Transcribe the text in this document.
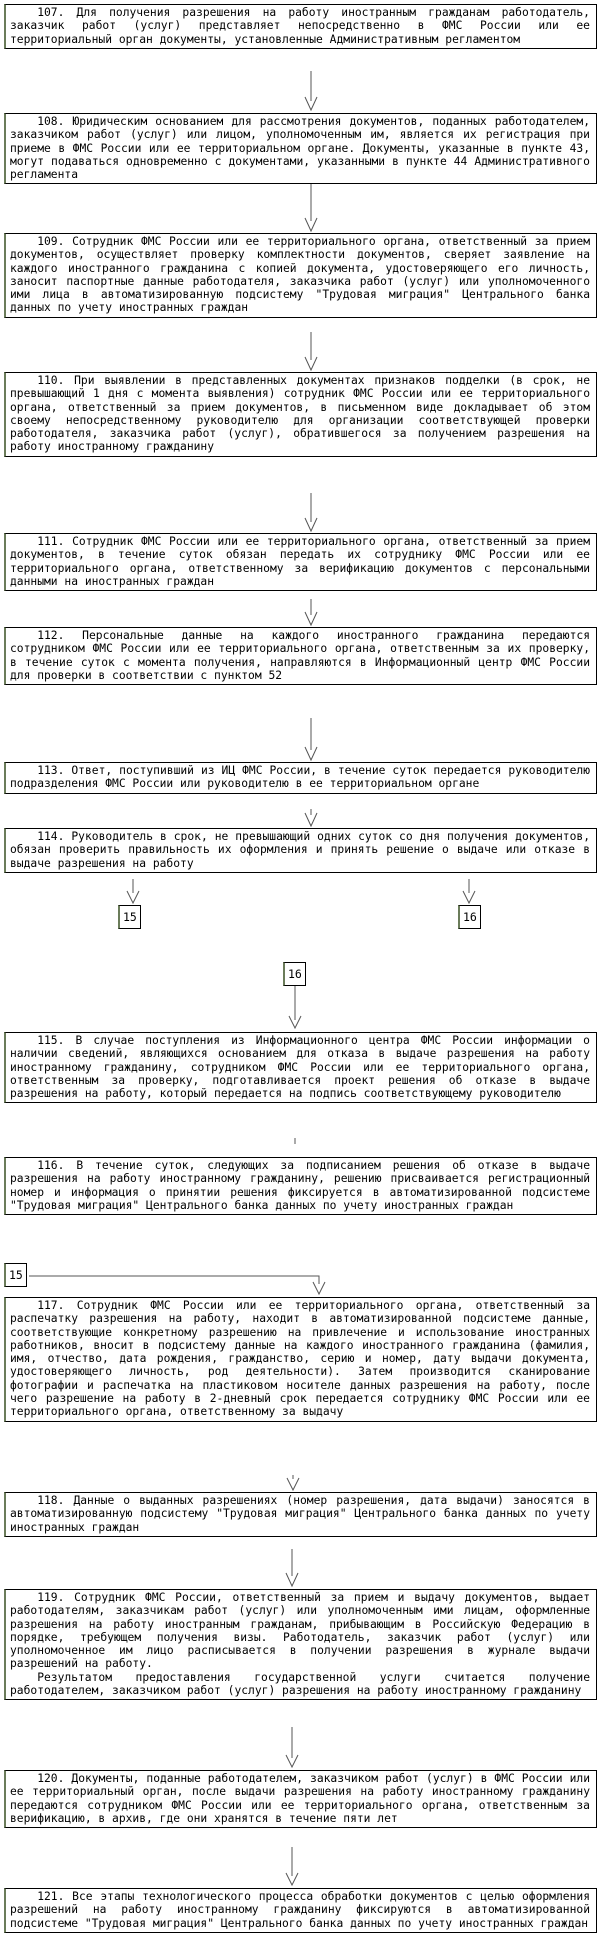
107. Для получения разрешения на работу иностранным гражданам работодатель, заказчик работ (услуг) представляет непосредственно в ФМС России или ее территориальный орган документы, установленные Административным регламентом

108. Юридическим основанием для рассмотрения документов, поданных работодателем, заказчиком работ (услуг) или лицом, уполномоченным им, является их регистрация при приеме в ФМС России или ее территориальном органе. Документы, указанные в пункте 43, могут подаваться одновременно с документами, указанными в пункте 44 Административного регламента

109. Сотрудник ФМС России или ее территориального органа, ответственный за прием документов, осуществляет проверку комплектности документов, сверяет заявление на каждого иностранного гражданина с копией документа, удостоверяющего его личность, заносит паспортные данные работодателя, заказчика работ (услуг) или уполномоченного ими лица в автоматизированную подсистему "Трудовая миграция" Центрального банка данных по учету иностранных граждан

110. При выявлении в представленных документах признаков подделки (в срок, не превышающий 1 дня с момента выявления) сотрудник ФМС России или ее территориального органа, ответственный за прием документов, в письменном виде докладывает об этом своему непосредственному руководителю для организации соответствующей проверки работодателя, заказчика работ (услуг), обратившегося за получением разрешения на работу иностранному гражданину

111. Сотрудник ФМС России или ее территориального органа, ответственный за прием документов, в течение суток обязан передать их сотруднику ФМС России или ее территориального органа, ответственному за верификацию документов с персональными данными на иностранных граждан

112. Персональные данные на каждого иностранного гражданина передаются сотрудником ФМС России или ее территориального органа, ответственным за их проверку, в течение суток с момента получения, направляются в Информационный центр ФМС России для проверки в соответствии с пунктом 52

113. Ответ, поступивший из ИЦ ФМС России, в течение суток передается руководителю подразделения ФМС России или руководителю в ее территориальном органе

114. Руководитель в срок, не превышающий одних суток со дня получения документов, обязан проверить правильность их оформления и принять решение о выдаче или отказе в выдаче разрешения на работу

15	16
16

115. В случае поступления из Информационного центра ФМС России информации о наличии сведений, являющихся основанием для отказа в выдаче разрешения на работу иностранному гражданину, сотрудником ФМС России или ее территориального органа, ответственным за проверку, подготавливается проект решения об отказе в выдаче разрешения на работу, который передается на подпись соответствующему руководителю

116. В течение суток, следующих за подписанием решения об отказе в выдаче разрешения на работу иностранному гражданину, решению присваивается регистрационный номер и информация о принятии решения фиксируется в автоматизированной подсистеме "Трудовая миграция" Центрального банка данных по учету иностранных граждан

15

117. Сотрудник ФМС России или ее территориального органа, ответственный за распечатку разрешения на работу, находит в автоматизированной подсистеме данные, соответствующие конкретному разрешению на привлечение и использование иностранных работников, вносит в подсистему данные на каждого иностранного гражданина (фамилия, имя, отчество, дата рождения, гражданство, серию и номер, дату выдачи документа, удостоверяющего личность, род деятельности). Затем производится сканирование фотографии и распечатка на пластиковом носителе данных разрешения на работу, после чего разрешение на работу в 2-дневный срок передается сотруднику ФМС России или ее территориального органа, ответственному за выдачу

118. Данные о выданных разрешениях (номер разрешения, дата выдачи) заносятся в автоматизированную подсистему "Трудовая миграция" Центрального банка данных по учету иностранных граждан

119. Сотрудник ФМС России, ответственный за прием и выдачу документов, выдает работодателям, заказчикам работ (услуг) или уполномоченным ими лицам, оформленные разрешения на работу иностранным гражданам, прибывающим в Российскую Федерацию в порядке, требующем получения визы. Работодатель, заказчик работ (услуг) или уполномоченное им лицо расписывается в получении разрешения в журнале выдачи разрешений на работу.

Результатом предоставления государственной услуги считается получение работодателем, заказчиком работ (услуг) разрешения на работу иностранному гражданину

120. Документы, поданные работодателем, заказчиком работ (услуг) в ФМС России или ее территориальный орган, после выдачи разрешения на работу иностранному гражданину передаются сотрудником ФМС России или ее территориального органа, ответственным за верификацию, в архив, где они хранятся в течение пяти лет

121. Все этапы технологического процесса обработки документов с целью оформления разрешений на работу иностранному гражданину фиксируются в автоматизированной подсистеме "Трудовая миграция" Центрального банка данных по учету иностранных граждан
